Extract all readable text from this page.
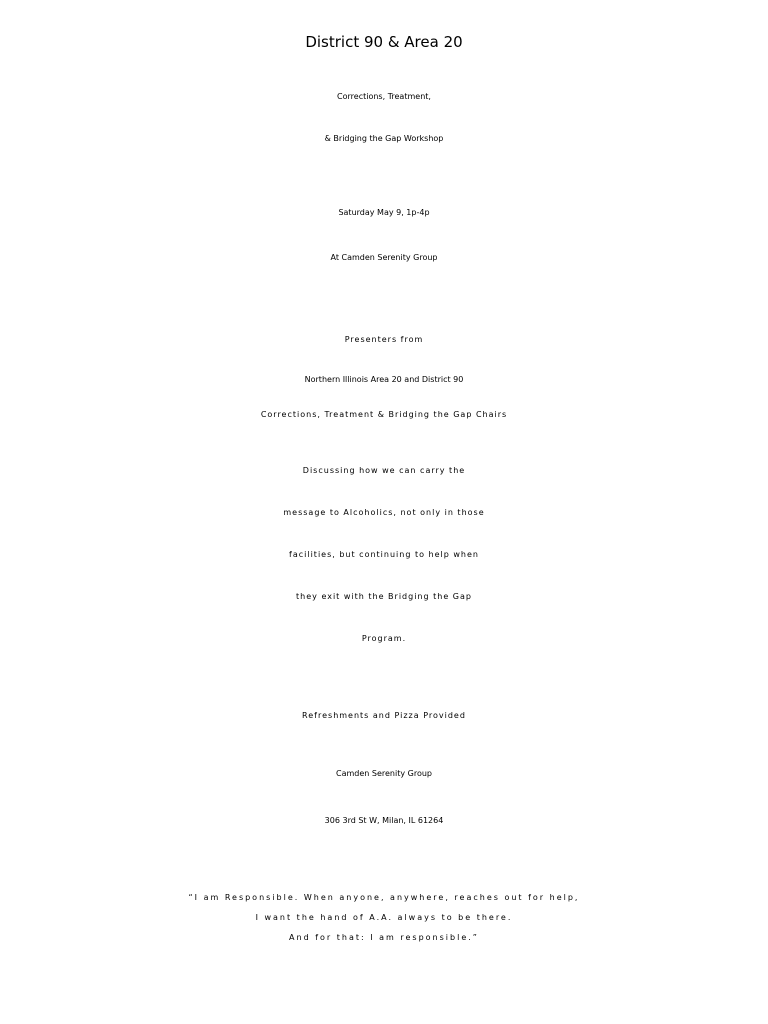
District 90 & Area 20
Corrections, Treatment,
& Bridging the Gap Workshop
Saturday May 9, 1p-4p
At Camden Serenity Group
Presenters from
Northern Illinois Area 20 and District 90
Corrections, Treatment & Bridging the Gap Chairs
Discussing how we can carry the
message to Alcoholics, not only in those
facilities, but continuing to help when
they exit with the Bridging the Gap
Program.
Refreshments and Pizza Provided
Camden Serenity Group
306 3rd St W, Milan, IL 61264
“I am Responsible. When anyone, anywhere, reaches out for help,
I want the hand of A.A. always to be there.
And for that: I am responsible.”
